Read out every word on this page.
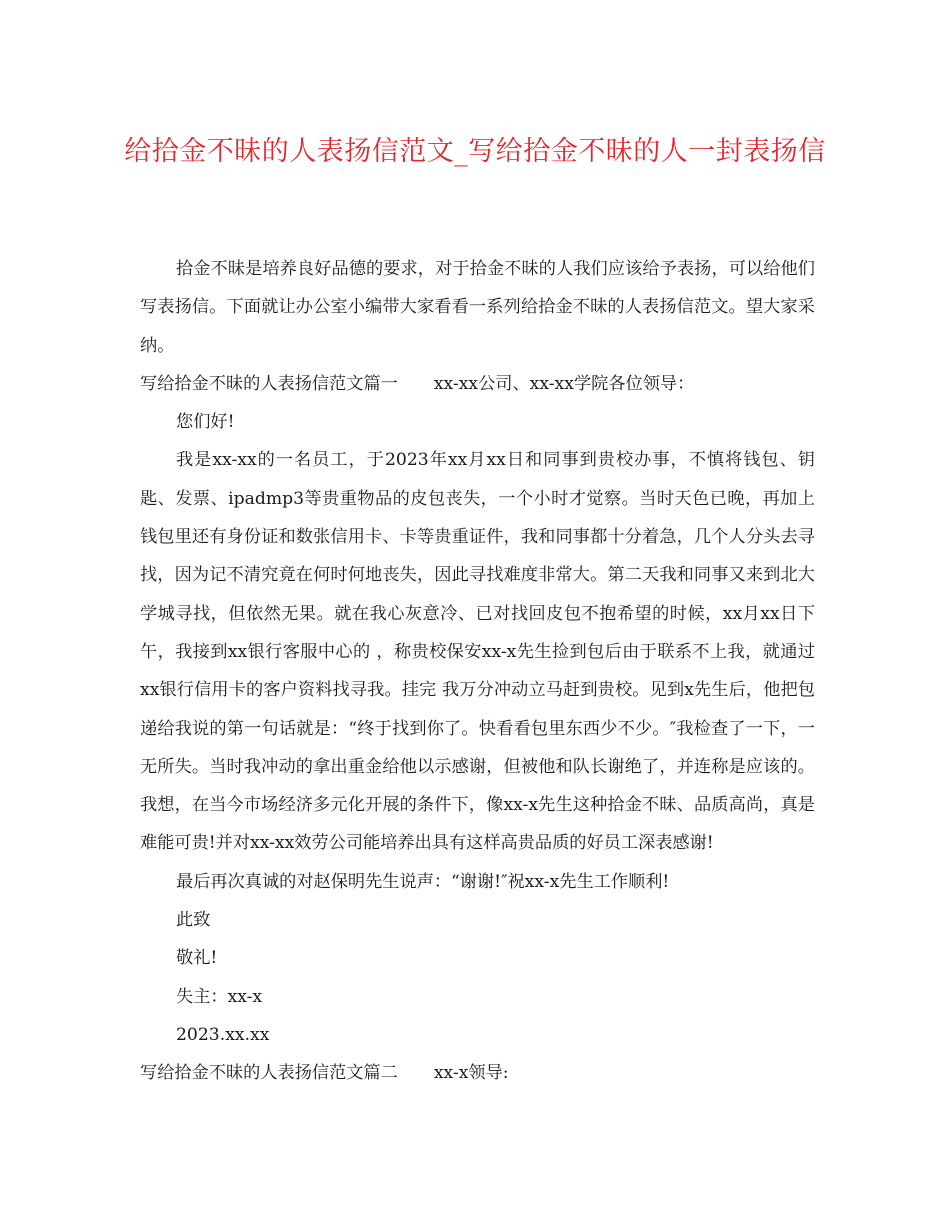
给拾金不昧的人表扬信范文_写给拾金不昧的人一封表扬信

拾金不昧是培养良好品德的要求，对于拾金不昧的人我们应该给予表扬，可以给他们写表扬信。下面就让办公室小编带大家看看一系列给拾金不昧的人表扬信范文。望大家采纳。

写给拾金不昧的人表扬信范文篇一 xx-xx公司、xx-xx学院各位领导：

您们好!

我是xx-xx的一名员工，于2023年xx月xx日和同事到贵校办事，不慎将钱包、钥匙、发票、ipadmp3等贵重物品的皮包丧失，一个小时才觉察。当时天色已晚，再加上钱包里还有身份证和数张信用卡、卡等贵重证件，我和同事都十分着急，几个人分头去寻找，因为记不清究竟在何时何地丧失，因此寻找难度非常大。第二天我和同事又来到北大学城寻找，但依然无果。就在我心灰意冷、已对找回皮包不抱希望的时候，xx月xx日下午，我接到xx银行客服中心的 ，称贵校保安xx-x先生捡到包后由于联系不上我，就通过xx银行信用卡的客户资料找寻我。挂完 我万分冲动立马赶到贵校。见到x先生后，他把包递给我说的第一句话就是：“终于找到你了。快看看包里东西少不少。″我检查了一下，一无所失。当时我冲动的拿出重金给他以示感谢，但被他和队长谢绝了，并连称是应该的。我想，在当今市场经济多元化开展的条件下，像xx-x先生这种拾金不昧、品质高尚，真是难能可贵!并对xx-xx效劳公司能培养出具有这样高贵品质的好员工深表感谢!

最后再次真诚的对赵保明先生说声：“谢谢!″祝xx-x先生工作顺利!

此致

敬礼!

失主：xx-x

2023.xx.xx

写给拾金不昧的人表扬信范文篇二 xx-x领导:
